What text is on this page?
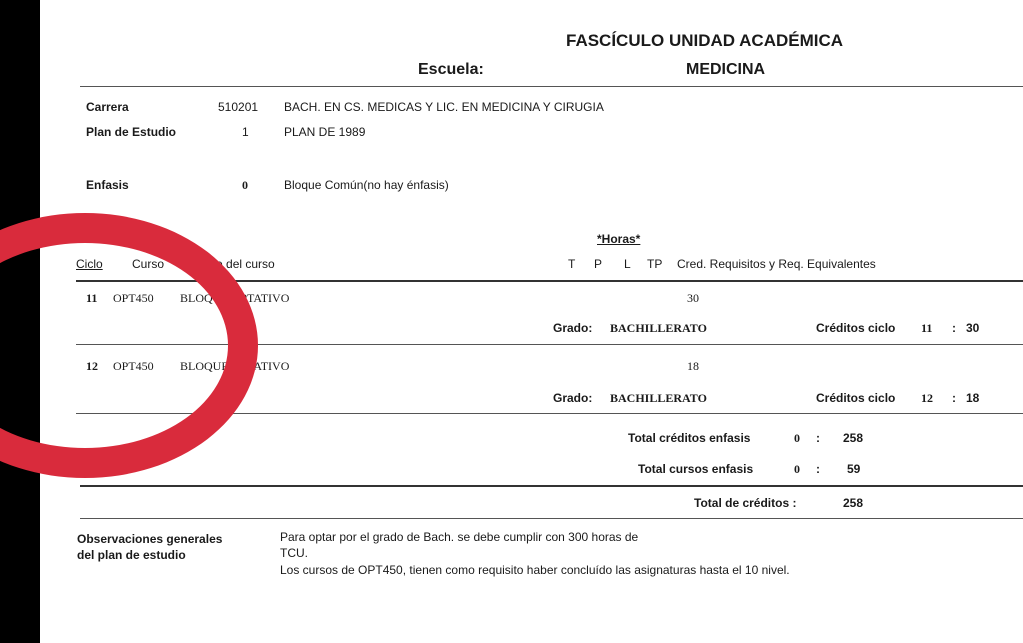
FASCÍCULO UNIDAD ACADÉMICA
Escuela:	MEDICINA
Carrera	510201 BACH. EN CS. MEDICAS Y LIC. EN MEDICINA Y CIRUGIA
Plan de Estudio	1	PLAN DE 1989
Enfasis	0	Bloque Común(no hay énfasis)
*Horas*
Ciclo Curso Nombre del curso	T P L TP Cred. Requisitos y Req. Equivalentes
11 OPT450 BLOQUE OPTATIVO	30
Grado: BACHILLERATO	Créditos ciclo 11 : 30
12 OPT450 BLOQUE OPTATIVO	18
Grado: BACHILLERATO	Créditos ciclo 12 : 18
Total créditos enfasis	0 : 258
Total cursos enfasis	0 : 59
Total de créditos :	258
Observaciones generales
del plan de estudio
Para optar por el grado de Bach. se debe cumplir con 300 horas de
TCU.
Los cursos de OPT450, tienen como requisito haber concluído las asignaturas hasta el 10 nivel.
